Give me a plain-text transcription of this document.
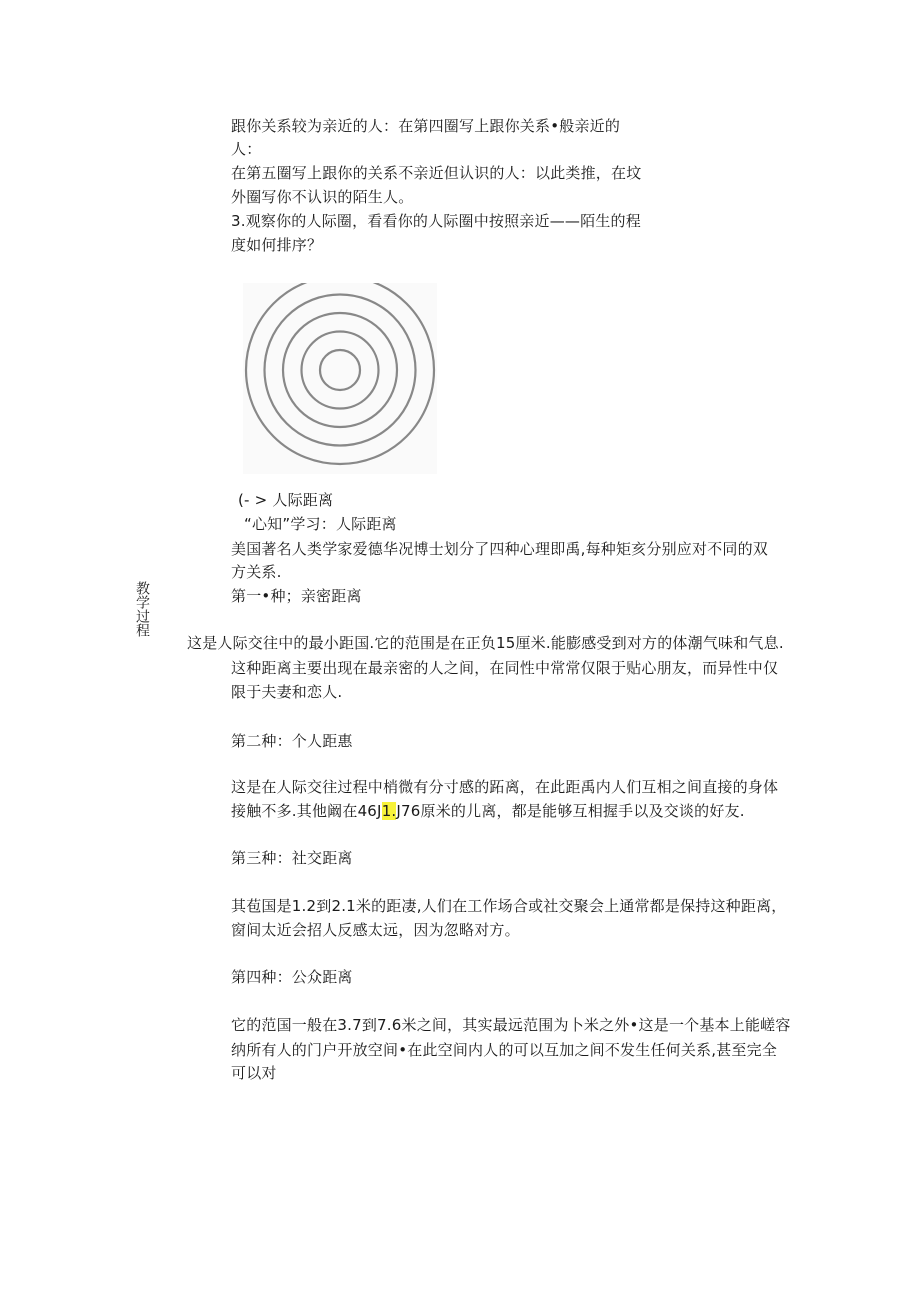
跟你关系较为亲近的人：在第四圈写上跟你关系•般亲近的
人：
在第五圈写上跟你的关系不亲近但认识的人：以此类推，在坟
外圈写你不认识的陌生人。
3.观察你的人际圈，看看你的人际圈中按照亲近——陌生的程
度如何排序？
(- > 人际距离
“心知”学习：人际距离
美国著名人类学家爱德华况博士划分了四种心理即禹,每种矩亥分别应对不同的双
方关系.
教学过程	第一•种；亲密距离
这是人际交往中的最小距国.它的范围是在正负15厘米.能膨感受到对方的体潮气味和气息.
这种距离主要出现在最亲密的人之间，在同性中常常仅限于贴心朋友，而异性中仅
限于夫妻和恋人.
第二种：个人距惠
这是在人际交往过程中梢微有分寸感的跖离，在此距禹内人们互相之间直接的身体
接触不多.其他阚在46J1.J76原米的儿离，都是能够互相握手以及交谈的好友.
第三种：社交距离
其苞国是1.2到2.1米的距凄,人们在工作场合或社交聚会上通常都是保持这种距离，
窗间太近会招人反感太远，因为忽略对方。
第四种：公众距离
它的范国一般在3.7到7.6米之间，其实最远范围为卜米之外•这是一个基本上能嵯容
纳所有人的门户开放空间•在此空间内人的可以互加之间不发生任何关系,甚至完全
可以对
